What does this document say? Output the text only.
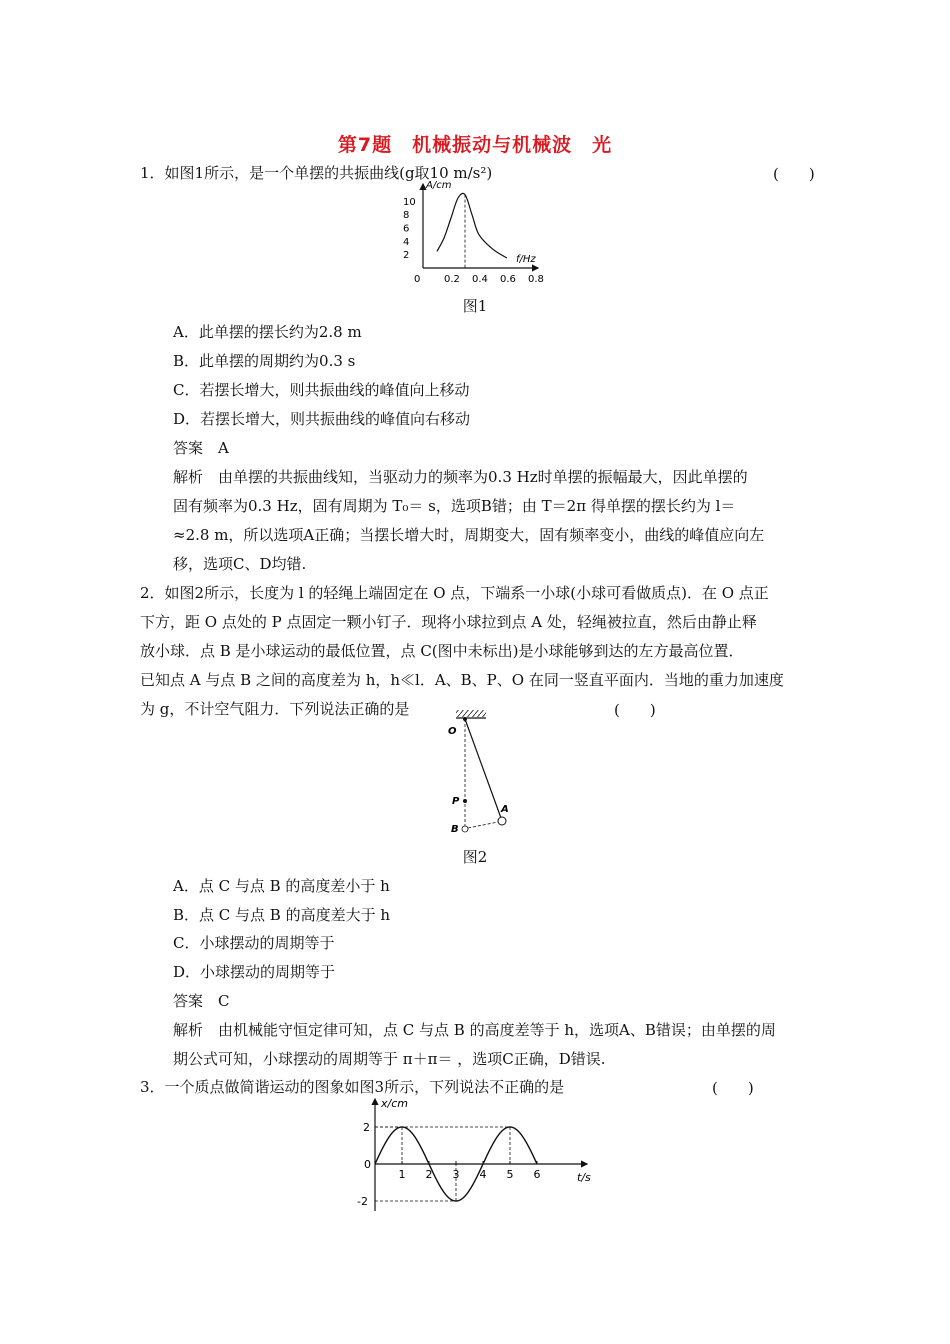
第7题　机械振动与机械波　光
1．如图1所示，是一个单摆的共振曲线(g取10 m/s²)	(　　)
A/cm
f/Hz
0
2
4
6
8
10
0.2 0.4 0.6 0.8
图1
A．此单摆的摆长约为2.8 m
B．此单摆的周期约为0.3 s
C．若摆长增大，则共振曲线的峰值向上移动
D．若摆长增大，则共振曲线的峰值向右移动
答案　A
解析　由单摆的共振曲线知，当驱动力的频率为0.3 Hz时单摆的振幅最大，因此单摆的
固有频率为0.3 Hz，固有周期为 T₀＝ s，选项B错；由 T＝2π 得单摆的摆长约为 l＝
≈2.8 m，所以选项A正确；当摆长增大时，周期变大，固有频率变小，曲线的峰值应向左
移，选项C、D均错.
2．如图2所示，长度为 l 的轻绳上端固定在 O 点，下端系一小球(小球可看做质点)．在 O 点正
下方，距 O 点处的 P 点固定一颗小钉子．现将小球拉到点 A 处，轻绳被拉直，然后由静止释
放小球．点 B 是小球运动的最低位置，点 C(图中未标出)是小球能够到达的左方最高位置．
已知点 A 与点 B 之间的高度差为 h，h≪l．A、B、P、O 在同一竖直平面内．当地的重力加速度
为 g，不计空气阻力．下列说法正确的是	(　　)
O
P
A
B
图2
A．点 C 与点 B 的高度差小于 h
B．点 C 与点 B 的高度差大于 h
C．小球摆动的周期等于
D．小球摆动的周期等于
答案　C
解析　由机械能守恒定律可知，点 C 与点 B 的高度差等于 h，选项A、B错误；由单摆的周
期公式可知，小球摆动的周期等于 π＋π＝ ，选项C正确，D错误.
3．一个质点做简谐运动的图象如图3所示，下列说法不正确的是	(　　)
x/cm
t/s
0
1 2 3 4 5 6
2
-2
